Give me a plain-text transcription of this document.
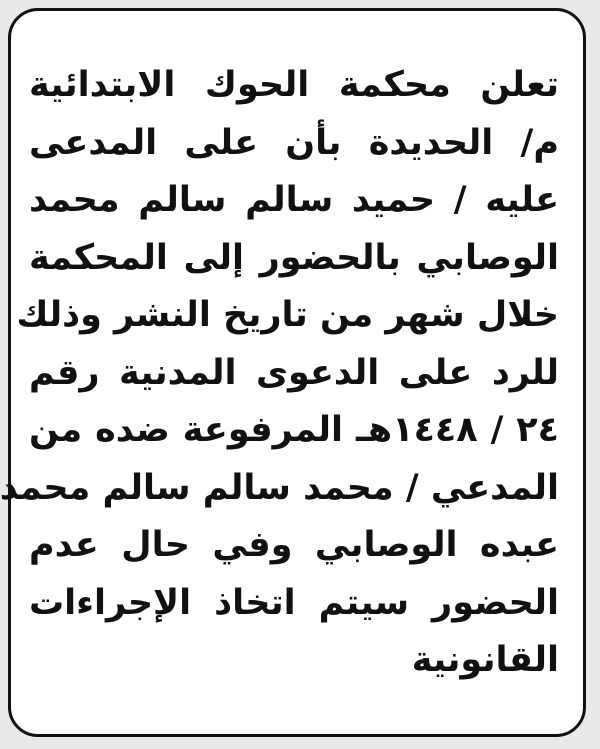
تعلن محكمة الحوك الابتدائية
م/ الحديدة بأن على المدعى
عليه / حميد سالم سالم محمد
الوصابي بالحضور إلى المحكمة
خلال شهر من تاريخ النشر وذلك
للرد على الدعوى المدنية رقم
٢٤ / ١٤٤٨هـ المرفوعة ضده من
المدعي / محمد سالم سالم محمد
عبده الوصابي وفي حال عدم
الحضور سيتم اتخاذ الإجراءات
القانونية
